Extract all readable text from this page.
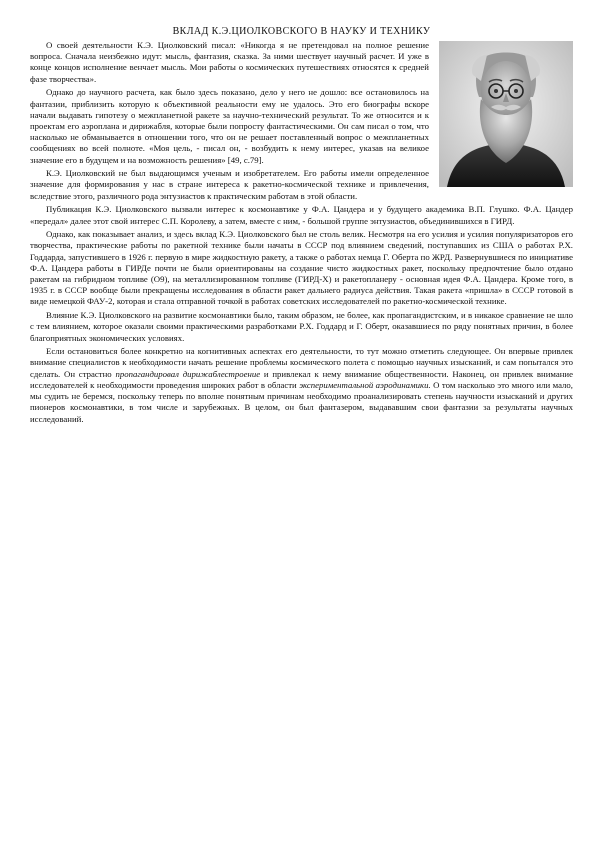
ВКЛАД К.Э.ЦИОЛКОВСКОГО В НАУКУ И ТЕХНИКУ

О своей деятельности К.Э. Циолковский писал: «Никогда я не претендовал на полное решение вопроса. Сначала неизбежно идут: мысль, фантазия, сказка. За ними шествует научный расчет. И уже в конце концов исполнение венчает мысль. Мои работы о космических путешествиях относятся к средней фазе творчества».

Однако до научного расчета, как было здесь показано, дело у него не дошло: все остановилось на фантазии, приблизить которую к объективной реальности ему не удалось. Это его биографы вскоре начали выдавать гипотезу о межпланетной ракете за научно-технический результат. То же относится и к проектам его аэроплана и дирижабля, которые были попросту фантастическими. Он сам писал о том, что насколько не обманывается в отношении того, что он не решает поставленный вопрос о межпланетных сообщениях во всей полноте. «Моя цель, - писал он, - возбудить к нему интерес, указав на великое значение его в будущем и на возможность решения» [49, с.79].

К.Э. Циолковский не был выдающимся ученым и изобретателем. Его работы имели определенное значение для формирования у нас в стране интереса к ракетно-космической технике и привлечения, вследствие этого, различного рода энтузиастов к практическим работам в этой области.

Публикация К.Э. Циолковского вызвали интерес к космонавтике у Ф.А. Цандера и у будущего академика В.П. Глушко. Ф.А. Цандер «передал» далее этот свой интерес С.П. Королеву, а затем, вместе с ним, - большой группе энтузиастов, объединившихся в ГИРД.

Однако, как показывает анализ, и здесь вклад К.Э. Циолковского был не столь велик. Несмотря на его усилия и усилия популяризаторов его творчества, практические работы по ракетной технике были начаты в СССР под влиянием сведений, поступавших из США о работах Р.Х. Годдарда, запустившего в 1926 г. первую в мире жидкостную ракету, а также о работах немца Г. Оберта по ЖРД. Развернувшиеся по инициативе Ф.А. Цандера работы в ГИРДе почти не были ориентированы на создание чисто жидкостных ракет, поскольку предпочтение было отдано ракетам на гибридном топливе (О9), на металлизированном топливе (ГИРД-Х) и ракетопланеру - основная идея Ф.А. Цандера. Кроме того, в 1935 г. в СССР вообще были прекращены исследования в области ракет дальнего радиуса действия. Такая ракета «пришла» в СССР готовой в виде немецкой ФАУ-2, которая и стала отправной точкой в работах советских исследователей по ракетно-космической технике.

Влияние К.Э. Циолковского на развитие космонавтики было, таким образом, не более, как пропагандистским, и в никакое сравнение не шло с тем влиянием, которое оказали своими практическими разработками Р.Х. Годдард и Г. Оберт, оказавшиеся по ряду понятных причин, в более благоприятных экономических условиях.

Если остановиться более конкретно на когнитивных аспектах его деятельности, то тут можно отметить следующее. Он впервые привлек внимание специалистов к необходимости начать решение проблемы космического полета с помощью научных изысканий, и сам попытался это сделать. Он страстно пропагандировал дирижаблестроение и привлекал к нему внимание общественности. Наконец, он привлек внимание исследователей к необходимости проведения широких работ в области экспериментальной аэродинамики. О том насколько это много или мало, мы судить не беремся, поскольку теперь по вполне понятным причинам необходимо проанализировать степень научности изысканий и других пионеров космонавтики, в том числе и зарубежных. В целом, он был фантазером, выдававшим свои фантазии за результаты научных исследований.
